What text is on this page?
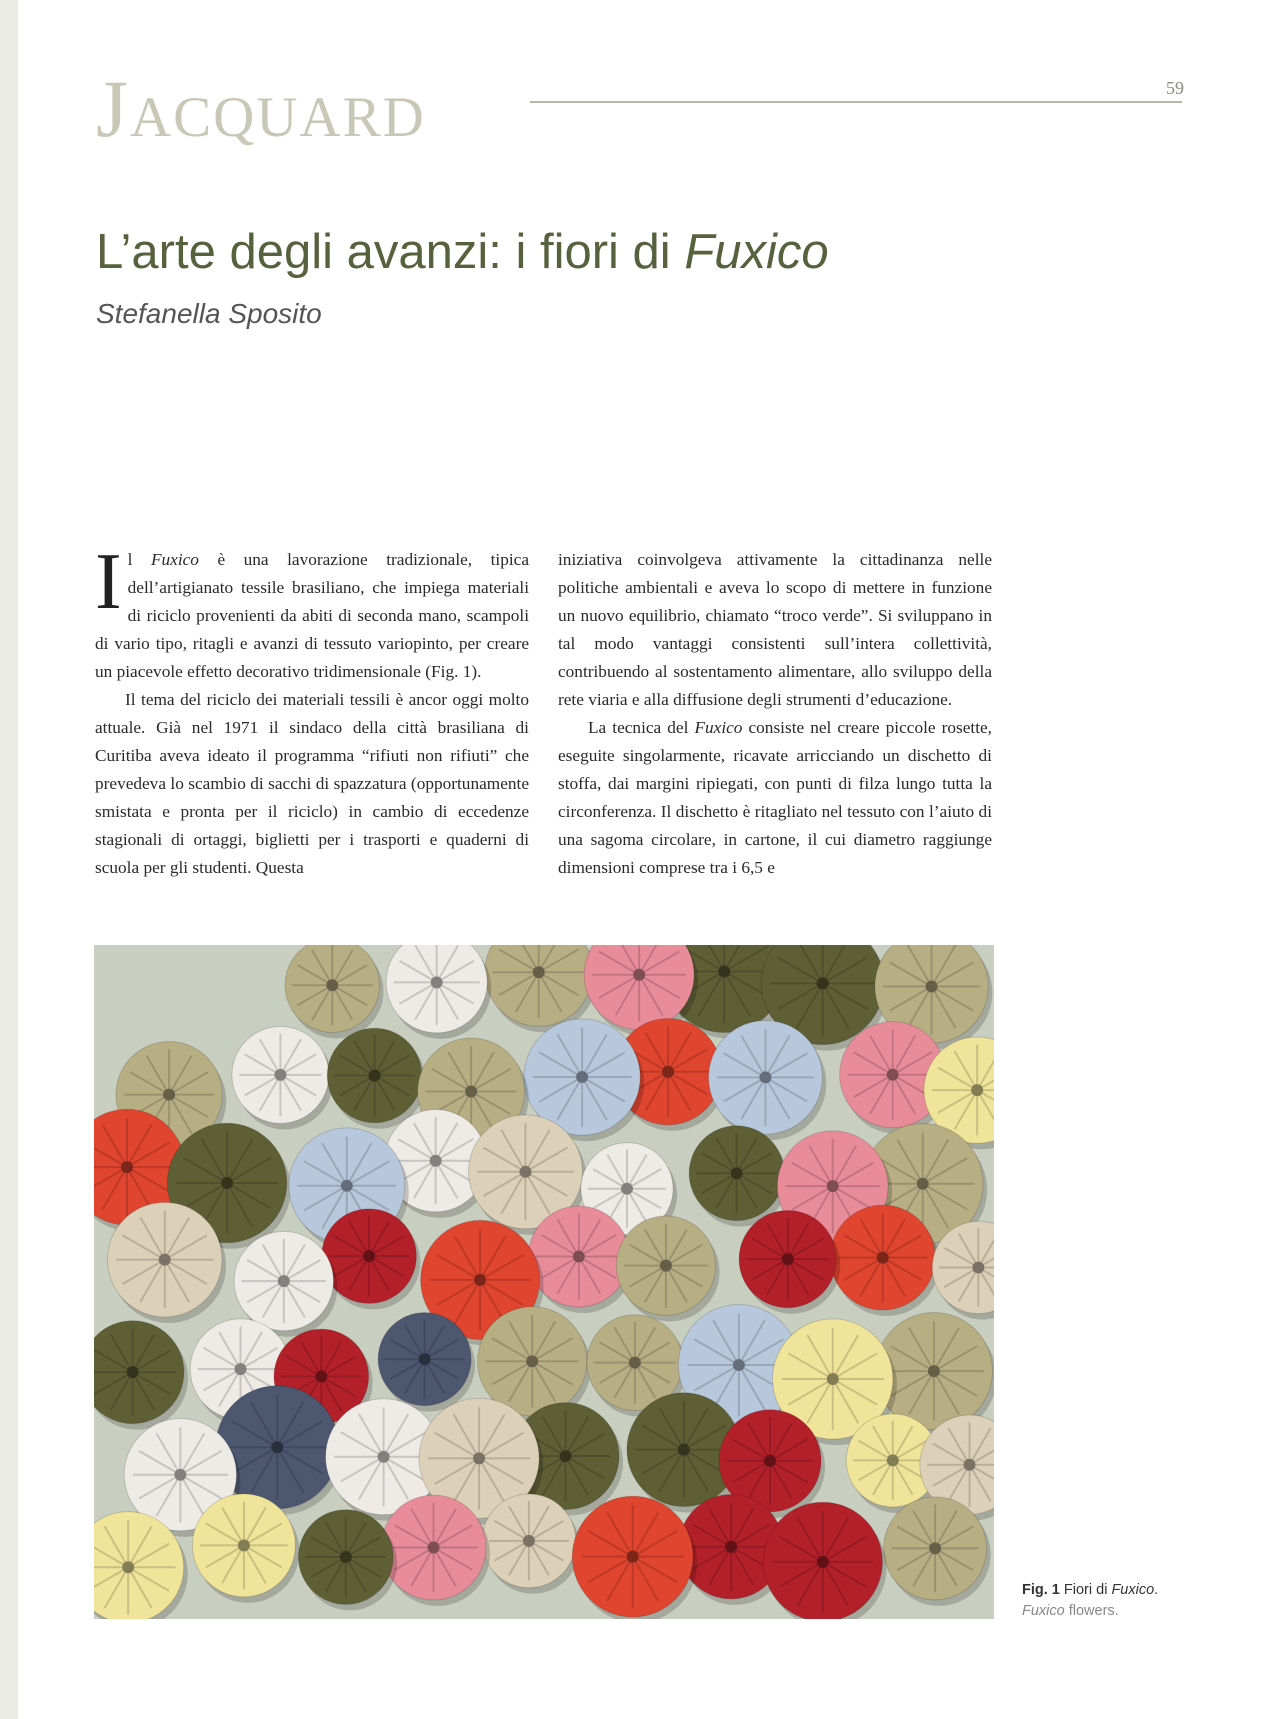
Jacquard	59
L’arte degli avanzi: i fiori di Fuxico
Stefanella Sposito

Il Fuxico è una lavorazione tradizionale, tipica dell’artigianato tessile brasiliano, che impiega materiali di riciclo provenienti da abiti di seconda mano, scampoli di vario tipo, ritagli e avanzi di tessuto variopinto, per creare un piacevole effetto decorativo tridimensionale (Fig. 1).

Il tema del riciclo dei materiali tessili è ancor oggi molto attuale. Già nel 1971 il sindaco della città brasiliana di Curitiba aveva ideato il programma “rifiuti non rifiuti” che prevedeva lo scambio di sacchi di spazzatura (opportunamente smistata e pronta per il riciclo) in cambio di eccedenze stagionali di ortaggi, biglietti per i trasporti e quaderni di scuola per gli studenti. Questa

iniziativa coinvolgeva attivamente la cittadinanza nelle politiche ambientali e aveva lo scopo di mettere in funzione un nuovo equilibrio, chiamato “troco verde”. Si sviluppano in tal modo vantaggi consistenti sull’intera collettività, contribuendo al sostentamento alimentare, allo sviluppo della rete viaria e alla diffusione degli strumenti d’educazione.

La tecnica del Fuxico consiste nel creare piccole rosette, eseguite singolarmente, ricavate arricciando un dischetto di stoffa, dai margini ripiegati, con punti di filza lungo tutta la circonferenza. Il dischetto è ritagliato nel tessuto con l’aiuto di una sagoma circolare, in cartone, il cui diametro raggiunge dimensioni comprese tra i 6,5 e

Fig. 1 Fiori di Fuxico.
Fuxico flowers.
